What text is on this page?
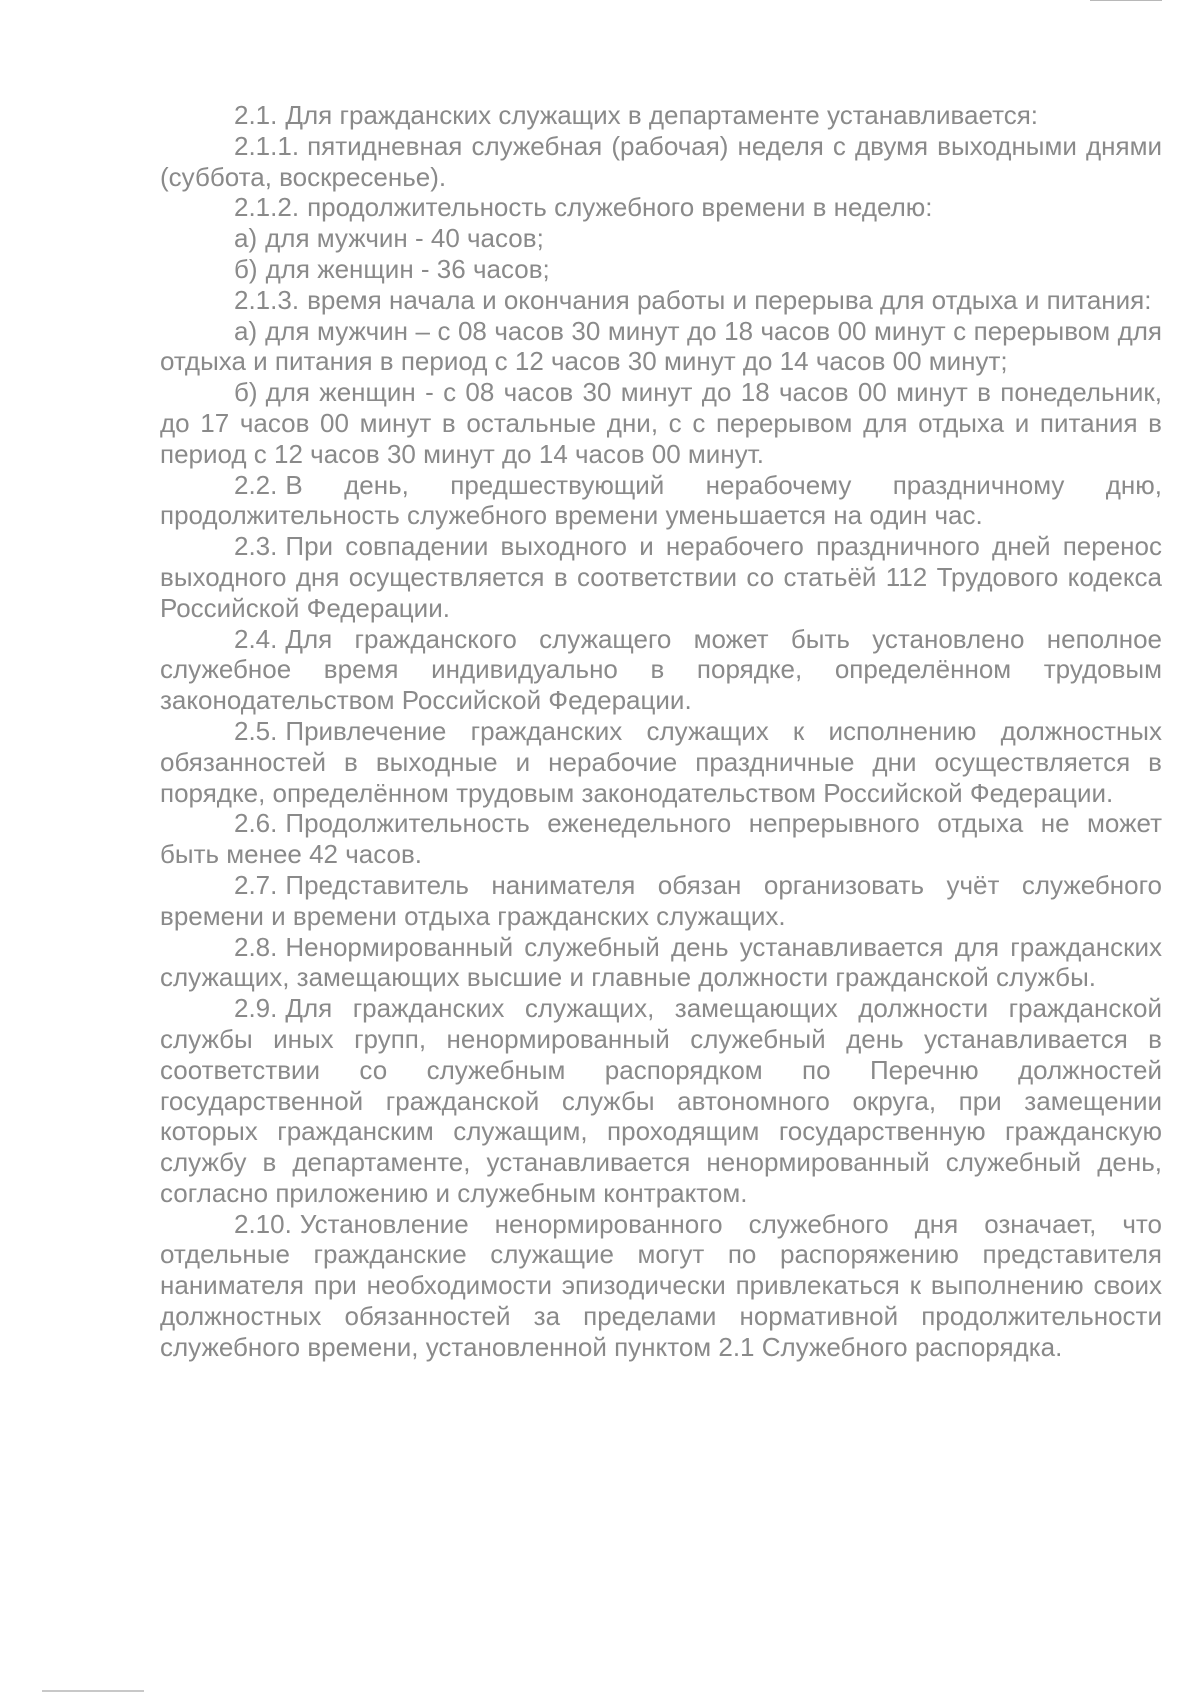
2.1. Для гражданских служащих в департаменте устанавливается:

2.1.1. пятидневная служебная (рабочая) неделя с двумя выходными днями (суббота, воскресенье).

2.1.2. продолжительность служебного времени в неделю:

а) для мужчин - 40 часов;

б) для женщин - 36 часов;

2.1.3. время начала и окончания работы и перерыва для отдыха и питания:

а) для мужчин – с 08 часов 30 минут до 18 часов 00 минут с перерывом для отдыха и питания в период с 12 часов 30 минут до 14 часов 00 минут;

б) для женщин - с 08 часов 30 минут до 18 часов 00 минут в понедельник, до 17 часов 00 минут в остальные дни, с с перерывом для отдыха и питания в период с 12 часов 30 минут до 14 часов 00 минут.

2.2. В день, предшествующий нерабочему праздничному дню, продолжительность служебного времени уменьшается на один час.

2.3. При совпадении выходного и нерабочего праздничного дней перенос выходного дня осуществляется в соответствии со статьёй 112 Трудового кодекса Российской Федерации.

2.4. Для гражданского служащего может быть установлено неполное служебное время индивидуально в порядке, определённом трудовым законодательством Российской Федерации.

2.5. Привлечение гражданских служащих к исполнению должностных обязанностей в выходные и нерабочие праздничные дни осуществляется в порядке, определённом трудовым законодательством Российской Федерации.

2.6. Продолжительность еженедельного непрерывного отдыха не может быть менее 42 часов.

2.7. Представитель нанимателя обязан организовать учёт служебного времени и времени отдыха гражданских служащих.

2.8. Ненормированный служебный день устанавливается для гражданских служащих, замещающих высшие и главные должности гражданской службы.

2.9. Для гражданских служащих, замещающих должности гражданской службы иных групп, ненормированный служебный день устанавливается в соответствии со служебным распорядком по Перечню должностей государственной гражданской службы автономного округа, при замещении которых гражданским служащим, проходящим государственную гражданскую службу в департаменте, устанавливается ненормированный служебный день, согласно приложению и служебным контрактом.

2.10. Установление ненормированного служебного дня означает, что отдельные гражданские служащие могут по распоряжению представителя нанимателя при необходимости эпизодически привлекаться к выполнению своих должностных обязанностей за пределами нормативной продолжительности служебного времени, установленной пунктом 2.1 Служебного распорядка.
